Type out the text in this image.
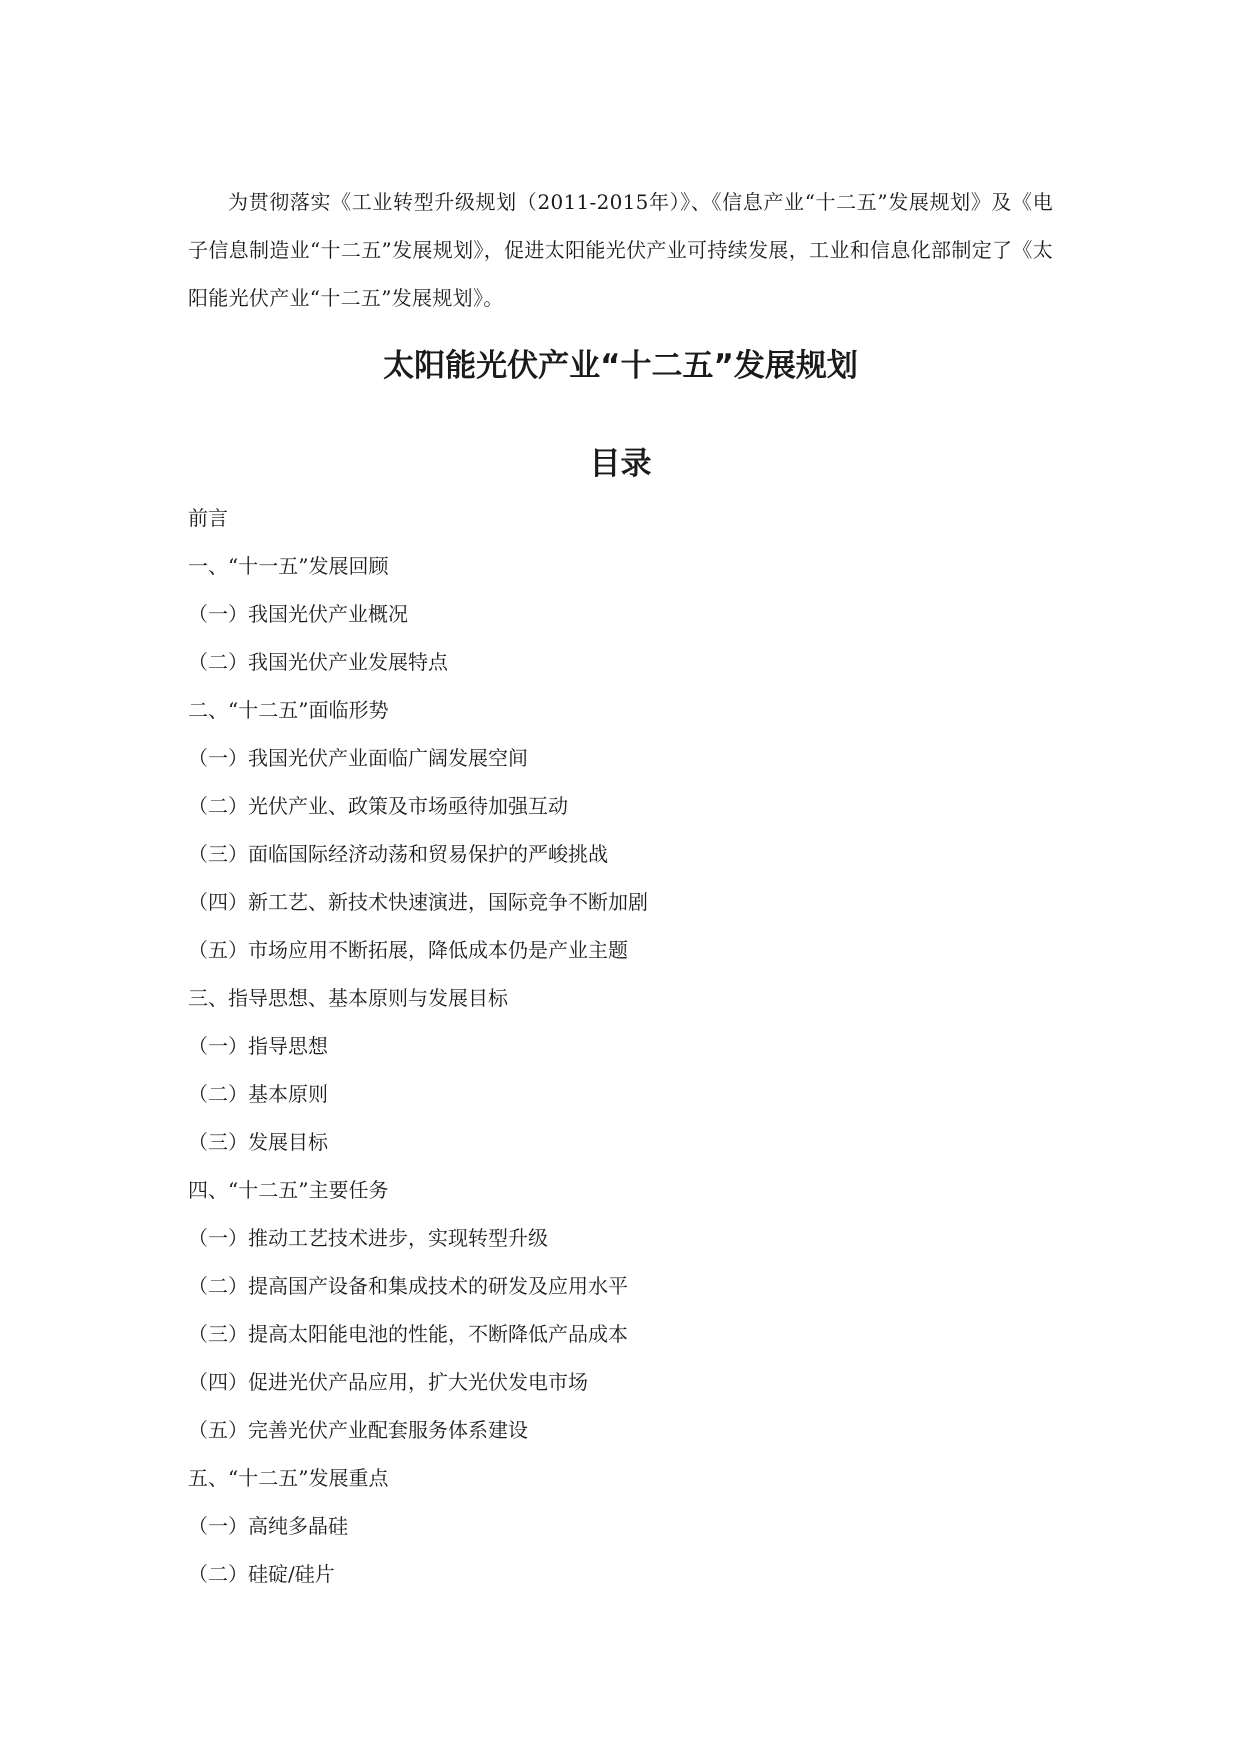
为贯彻落实《工业转型升级规划（2011-2015年）》、《信息产业“十二五”发展规划》及《电子信息制造业“十二五”发展规划》，促进太阳能光伏产业可持续发展，工业和信息化部制定了《太阳能光伏产业“十二五”发展规划》。

太阳能光伏产业“十二五”发展规划
目录
前言
一、“十一五”发展回顾
（一）我国光伏产业概况
（二）我国光伏产业发展特点
二、“十二五”面临形势
（一）我国光伏产业面临广阔发展空间
（二）光伏产业、政策及市场亟待加强互动
（三）面临国际经济动荡和贸易保护的严峻挑战
（四）新工艺、新技术快速演进，国际竞争不断加剧
（五）市场应用不断拓展，降低成本仍是产业主题
三、指导思想、基本原则与发展目标
（一）指导思想
（二）基本原则
（三）发展目标
四、“十二五”主要任务
（一）推动工艺技术进步，实现转型升级
（二）提高国产设备和集成技术的研发及应用水平
（三）提高太阳能电池的性能，不断降低产品成本
（四）促进光伏产品应用，扩大光伏发电市场
（五）完善光伏产业配套服务体系建设
五、“十二五”发展重点
（一）高纯多晶硅
（二）硅碇/硅片
